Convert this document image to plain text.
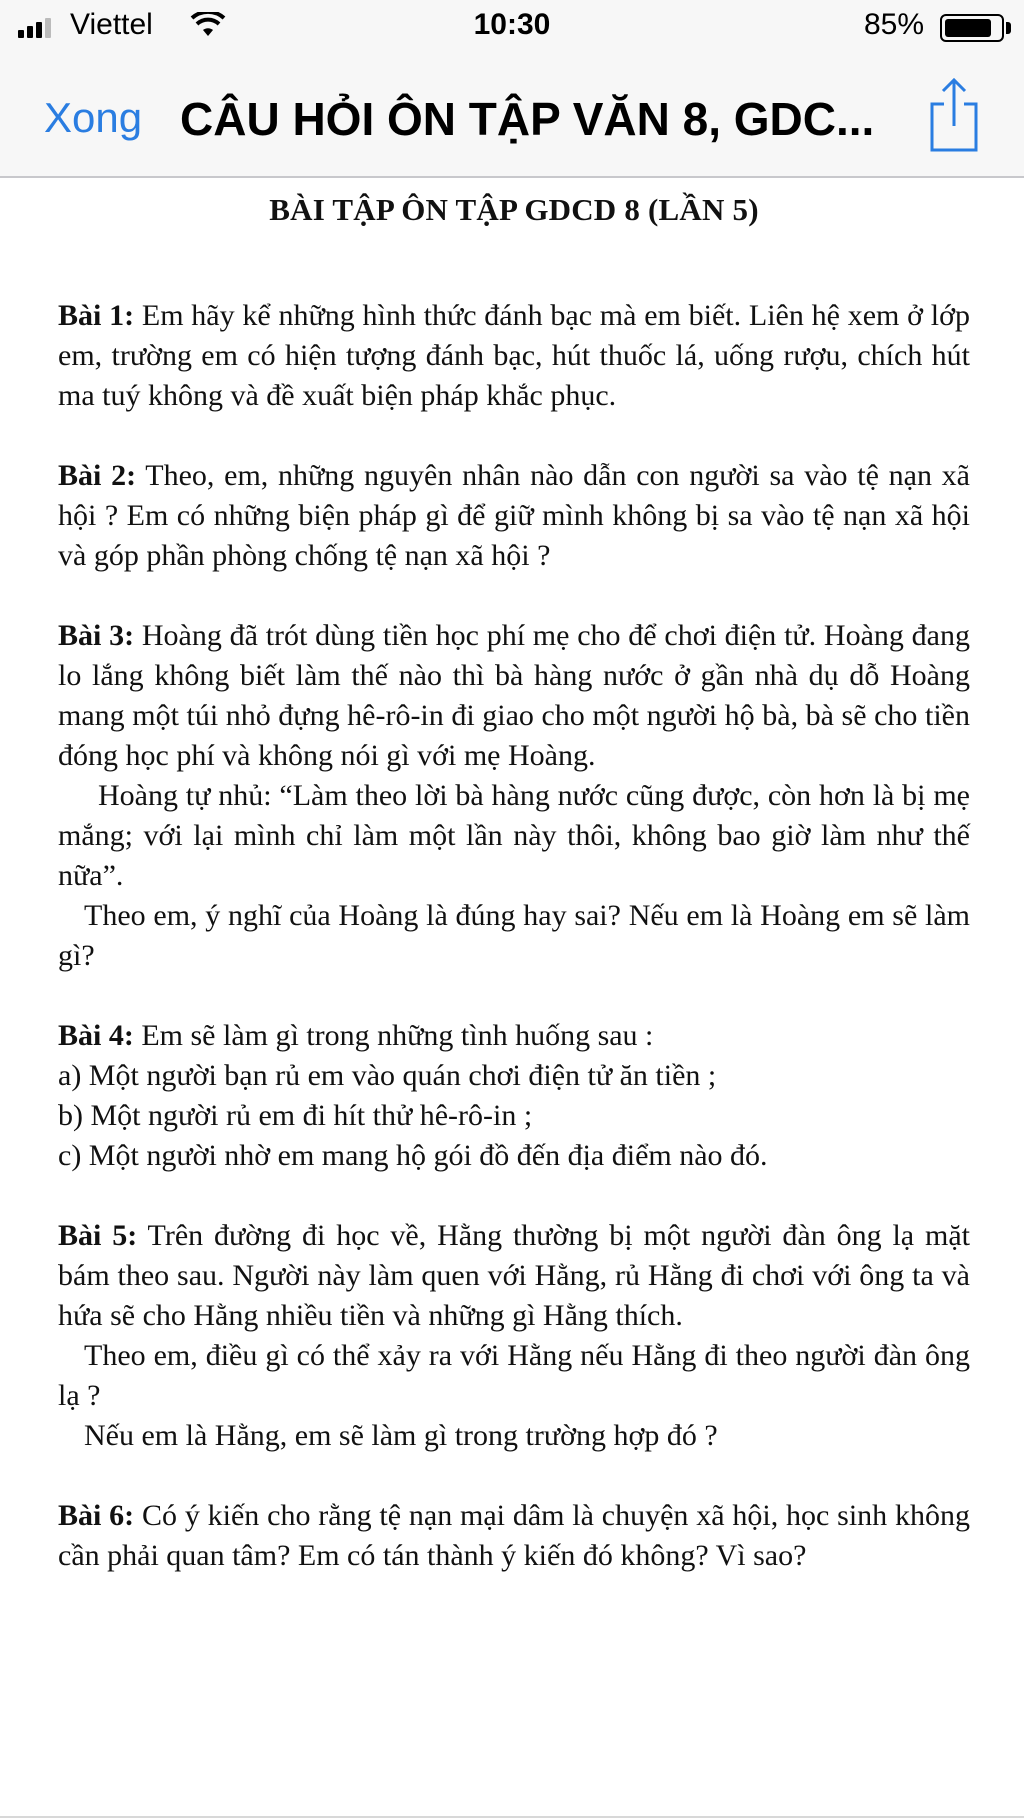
Viettel	10:30	85%
Xong CÂU HỎI ÔN TẬP VĂN 8, GDC...
BÀI TẬP ÔN TẬP GDCD 8 (LẦN 5)

Bài 1: Em hãy kể những hình thức đánh bạc mà em biết. Liên hệ xem ở lớp em, trường em có hiện tượng đánh bạc, hút thuốc lá, uống rượu, chích hút ma tuý không và đề xuất biện pháp khắc phục.

Bài 2: Theo, em, những nguyên nhân nào dẫn con người sa vào tệ nạn xã hội ? Em có những biện pháp gì để giữ mình không bị sa vào tệ nạn xã hội và góp phần phòng chống tệ nạn xã hội ?

Bài 3: Hoàng đã trót dùng tiền học phí mẹ cho để chơi điện tử. Hoàng đang lo lắng không biết làm thế nào thì bà hàng nước ở gần nhà dụ dỗ Hoàng mang một túi nhỏ đựng hê-rô-in đi giao cho một người hộ bà, bà sẽ cho tiền đóng học phí và không nói gì với mẹ Hoàng.

Hoàng tự nhủ: “Làm theo lời bà hàng nước cũng được, còn hơn là bị mẹ mắng; với lại mình chỉ làm một lần này thôi, không bao giờ làm như thế nữa”.

Theo em, ý nghĩ của Hoàng là đúng hay sai? Nếu em là Hoàng em sẽ làm gì?

Bài 4: Em sẽ làm gì trong những tình huống sau :

a) Một người bạn rủ em vào quán chơi điện tử ăn tiền ;

b) Một người rủ em đi hít thử hê-rô-in ;

c) Một người nhờ em mang hộ gói đồ đến địa điểm nào đó.

Bài 5: Trên đường đi học về, Hằng thường bị một người đàn ông lạ mặt bám theo sau. Người này làm quen với Hằng, rủ Hằng đi chơi với ông ta và hứa sẽ cho Hằng nhiều tiền và những gì Hằng thích.

Theo em, điều gì có thể xảy ra với Hằng nếu Hằng đi theo người đàn ông lạ ?

Nếu em là Hằng, em sẽ làm gì trong trường hợp đó ?

Bài 6: Có ý kiến cho rằng tệ nạn mại dâm là chuyện xã hội, học sinh không cần phải quan tâm? Em có tán thành ý kiến đó không? Vì sao?
